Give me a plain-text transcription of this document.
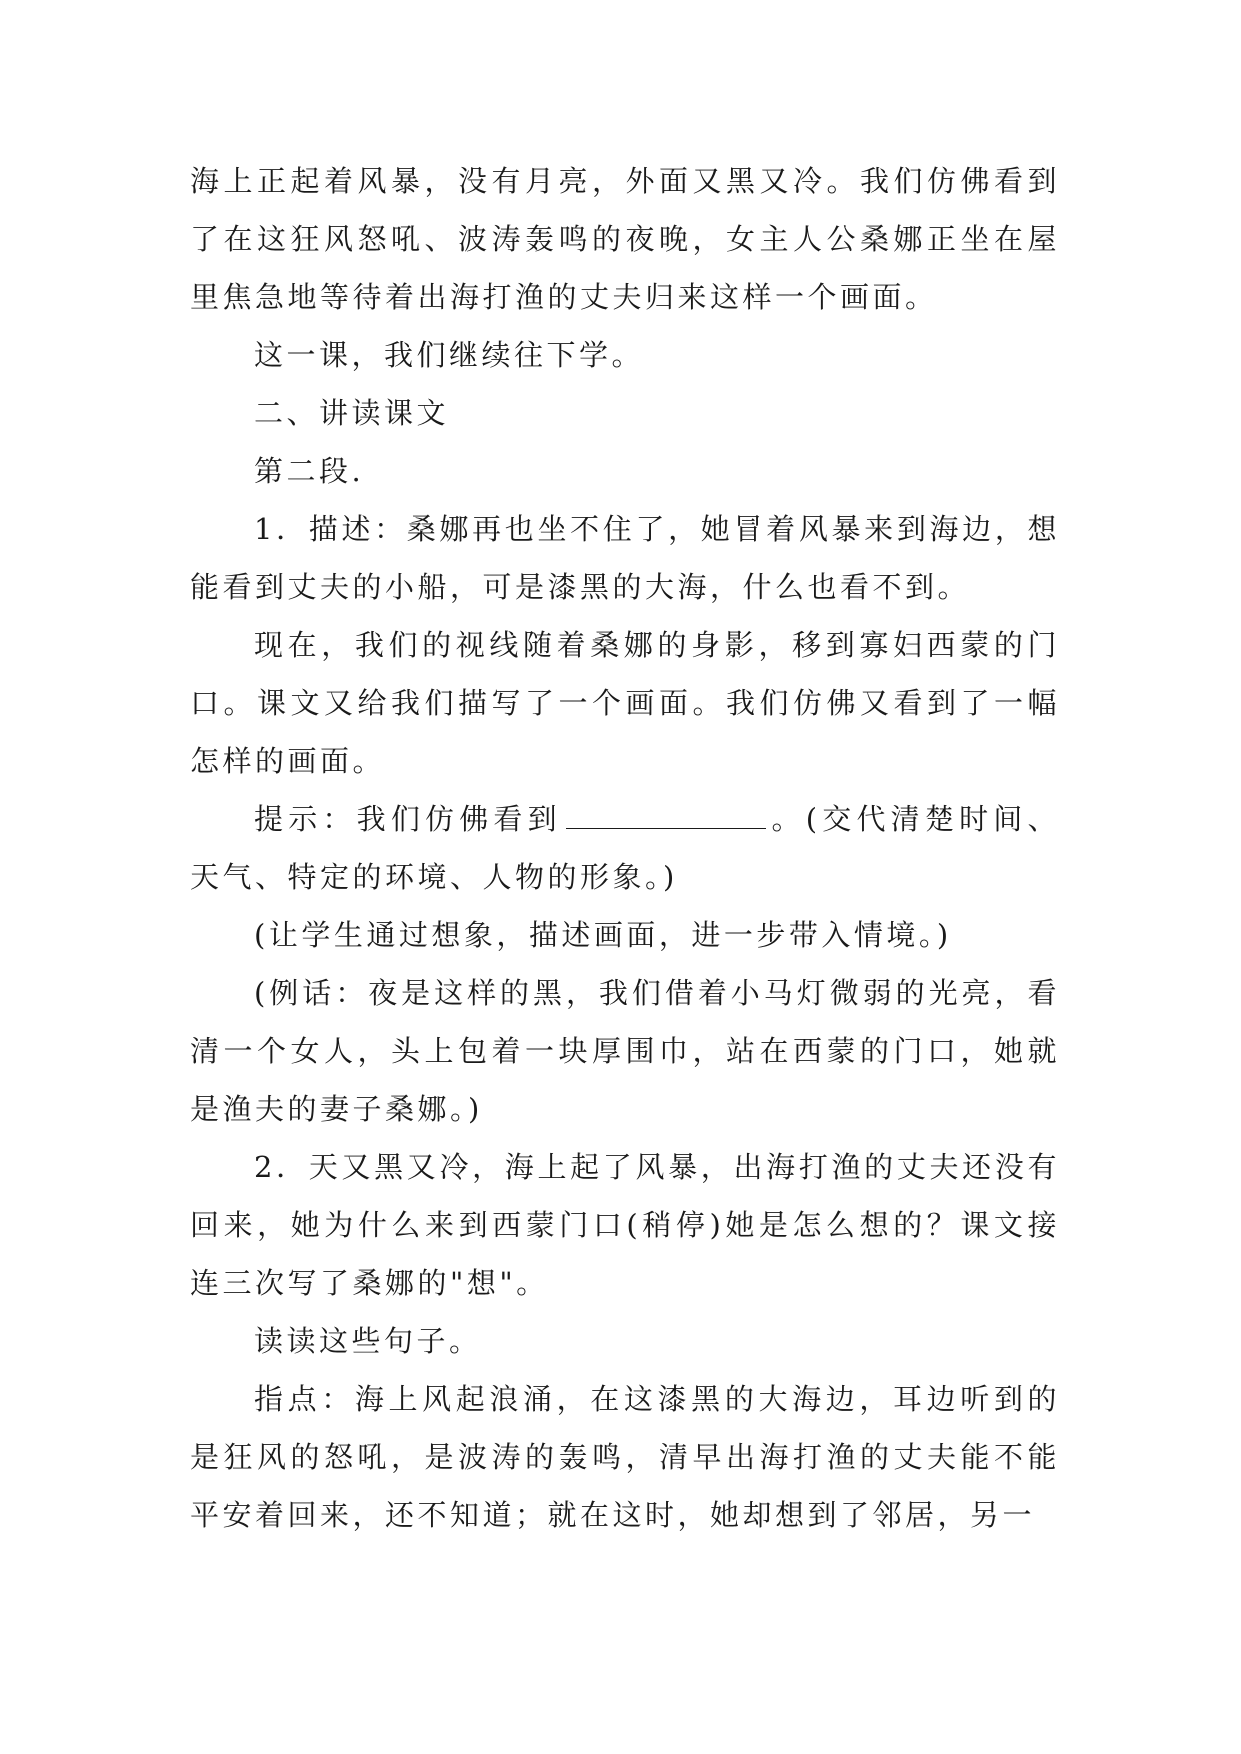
海上正起着风暴，没有月亮，外面又黑又冷。我们仿佛看到了在这狂风怒吼、波涛轰鸣的夜晚，女主人公桑娜正坐在屋里焦急地等待着出海打渔的丈夫归来这样一个画面。

这一课，我们继续往下学。

二、讲读课文

第二段.

1．描述：桑娜再也坐不住了，她冒着风暴来到海边，想能看到丈夫的小船，可是漆黑的大海，什么也看不到。

现在，我们的视线随着桑娜的身影，移到寡妇西蒙的门口。课文又给我们描写了一个画面。我们仿佛又看到了一幅怎样的画面。

提示：我们仿佛看到	。(交代清楚时间、天气、特定的环境、人物的形象。)

(让学生通过想象，描述画面，进一步带入情境。)

(例话：夜是这样的黑，我们借着小马灯微弱的光亮，看清一个女人，头上包着一块厚围巾，站在西蒙的门口，她就是渔夫的妻子桑娜。)

2．天又黑又冷，海上起了风暴，出海打渔的丈夫还没有回来，她为什么来到西蒙门口(稍停)她是怎么想的？课文接连三次写了桑娜的"想"。

读读这些句子。

指点：海上风起浪涌，在这漆黑的大海边，耳边听到的是狂风的怒吼，是波涛的轰鸣，清早出海打渔的丈夫能不能平安着回来，还不知道；就在这时，她却想到了邻居，另一
